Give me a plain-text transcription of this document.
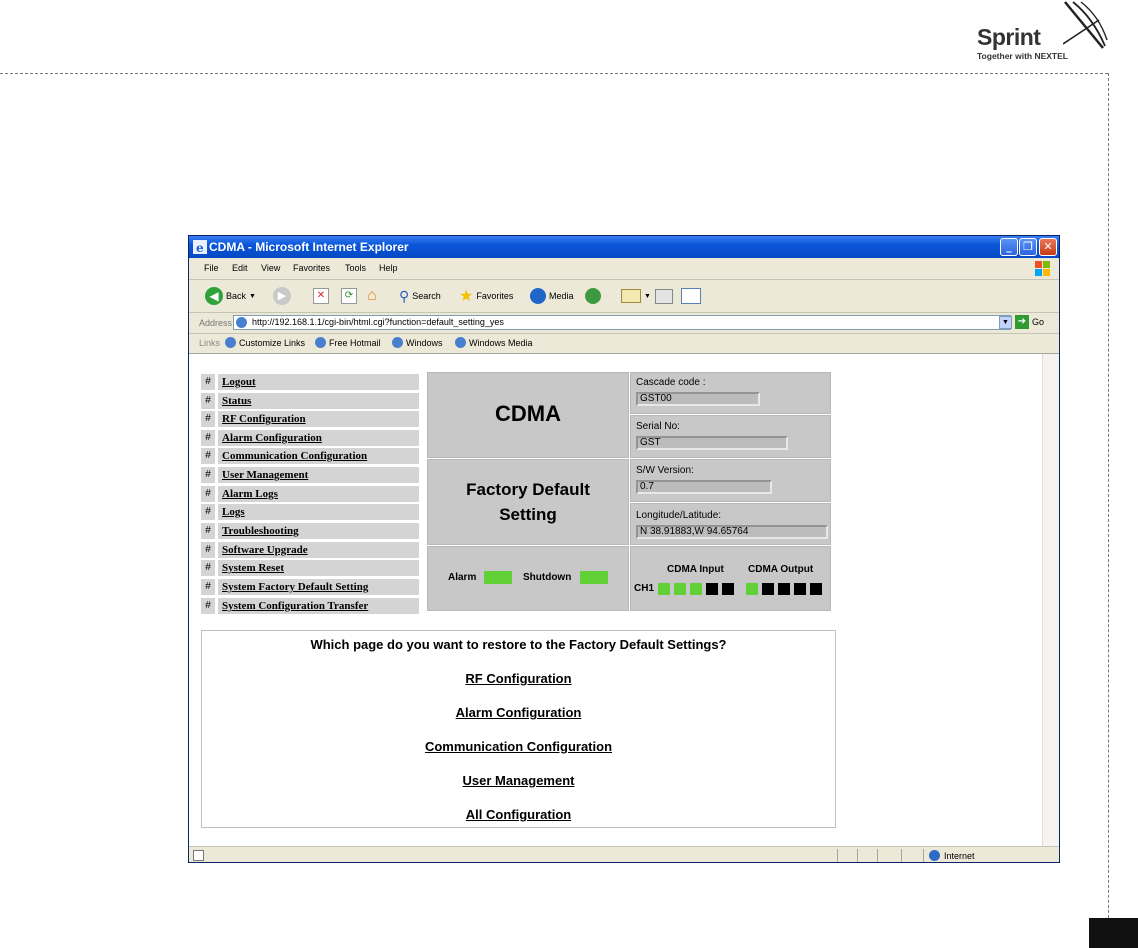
Sprint
Together with NEXTEL
e CDMA - Microsoft Internet Explorer	_	❐ ✕
File Edit View Favorites Tools Help
◀ Back ▼	▶	✕	⟳ ⌂ ⚲ Search ★ Favorites	Media	▼
Address	http://192.168.1.1/cgi-bin/html.cgi?function=default_setting_yes	▼ ➔ Go
Links Customize Links	Free Hotmail	Windows	Windows Media
#	Logout
#	Status
#	RF Configuration
#	Alarm Configuration
#	Communication Configuration
#	User Management
#	Alarm Logs
#	Logs
#	Troubleshooting
#	Software Upgrade
#	System Reset
#	System Factory Default Setting
#	System Configuration Transfer
CDMA
Cascade code :
GST00
Serial No:
GST
Factory Default
Setting
S/W Version:
0.7
Longitude/Latitude:
N 38.91883,W 94.65764
Alarm	Shutdown
CDMA Input CDMA Output
CH1
Which page do you want to restore to the Factory Default Settings?
RF Configuration
Alarm Configuration
Communication Configuration
User Management
All Configuration
Internet
